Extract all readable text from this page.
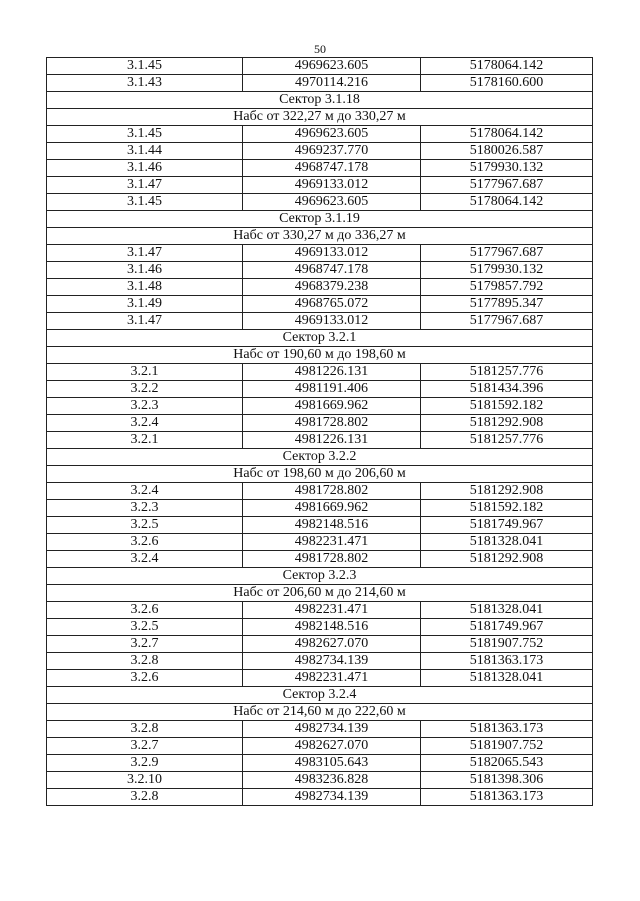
50
3.1.45	4969623.605	5178064.142
3.1.43	4970114.216	5178160.600
Сектор 3.1.18		
Набс от 322,27 м до 330,27 м		
3.1.45	4969623.605	5178064.142
3.1.44	4969237.770	5180026.587
3.1.46	4968747.178	5179930.132
3.1.47	4969133.012	5177967.687
3.1.45	4969623.605	5178064.142
Сектор 3.1.19		
Набс от 330,27 м до 336,27 м		
3.1.47	4969133.012	5177967.687
3.1.46	4968747.178	5179930.132
3.1.48	4968379.238	5179857.792
3.1.49	4968765.072	5177895.347
3.1.47	4969133.012	5177967.687
Сектор 3.2.1		
Набс от 190,60 м до 198,60 м		
3.2.1	4981226.131	5181257.776
3.2.2	4981191.406	5181434.396
3.2.3	4981669.962	5181592.182
3.2.4	4981728.802	5181292.908
3.2.1	4981226.131	5181257.776
Сектор 3.2.2		
Набс от 198,60 м до 206,60 м		
3.2.4	4981728.802	5181292.908
3.2.3	4981669.962	5181592.182
3.2.5	4982148.516	5181749.967
3.2.6	4982231.471	5181328.041
3.2.4	4981728.802	5181292.908
Сектор 3.2.3		
Набс от 206,60 м до 214,60 м		
3.2.6	4982231.471	5181328.041
3.2.5	4982148.516	5181749.967
3.2.7	4982627.070	5181907.752
3.2.8	4982734.139	5181363.173
3.2.6	4982231.471	5181328.041
Сектор 3.2.4		
Набс от 214,60 м до 222,60 м		
3.2.8	4982734.139	5181363.173
3.2.7	4982627.070	5181907.752
3.2.9	4983105.643	5182065.543
3.2.10	4983236.828	5181398.306
3.2.8	4982734.139	5181363.173
